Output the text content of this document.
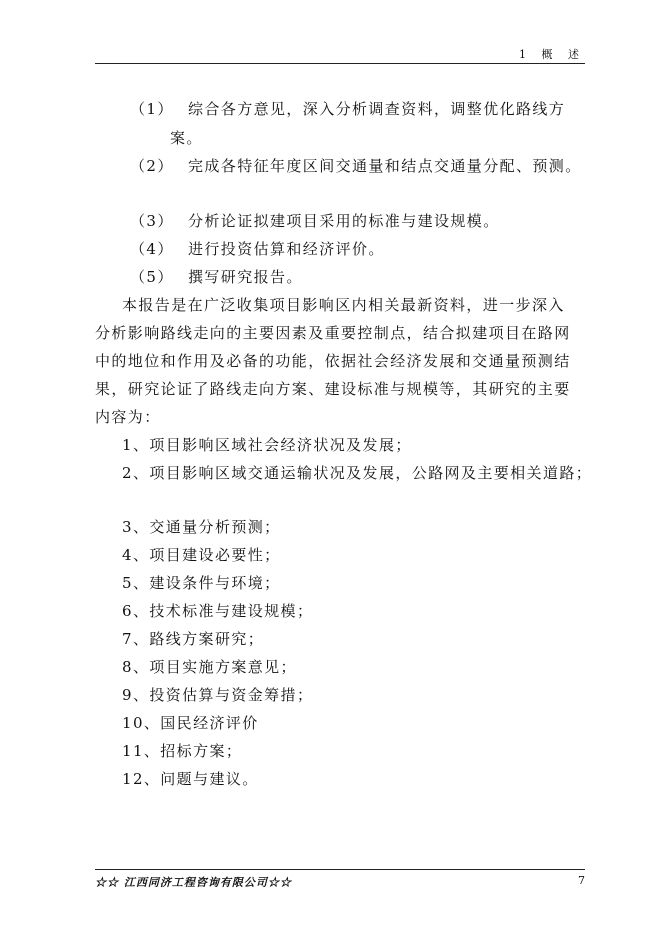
1 概 述
（1） 综合各方意见，深入分析调查资料，调整优化路线方
案。
（2） 完成各特征年度区间交通量和结点交通量分配、预测。
（3） 分析论证拟建项目采用的标准与建设规模。
（4） 进行投资估算和经济评价。
（5） 撰写研究报告。
本报告是在广泛收集项目影响区内相关最新资料，进一步深入
分析影响路线走向的主要因素及重要控制点，结合拟建项目在路网
中的地位和作用及必备的功能，依据社会经济发展和交通量预测结
果，研究论证了路线走向方案、建设标准与规模等，其研究的主要
内容为：
1、项目影响区域社会经济状况及发展；
2、项目影响区域交通运输状况及发展，公路网及主要相关道路；
3、交通量分析预测；
4、项目建设必要性；
5、建设条件与环境；
6、技术标准与建设规模；
7、路线方案研究；
8、项目实施方案意见；
9、投资估算与资金筹措；
10、国民经济评价
11、招标方案；
12、问题与建议。
☆☆ 江西同济工程咨询有限公司☆☆	7
